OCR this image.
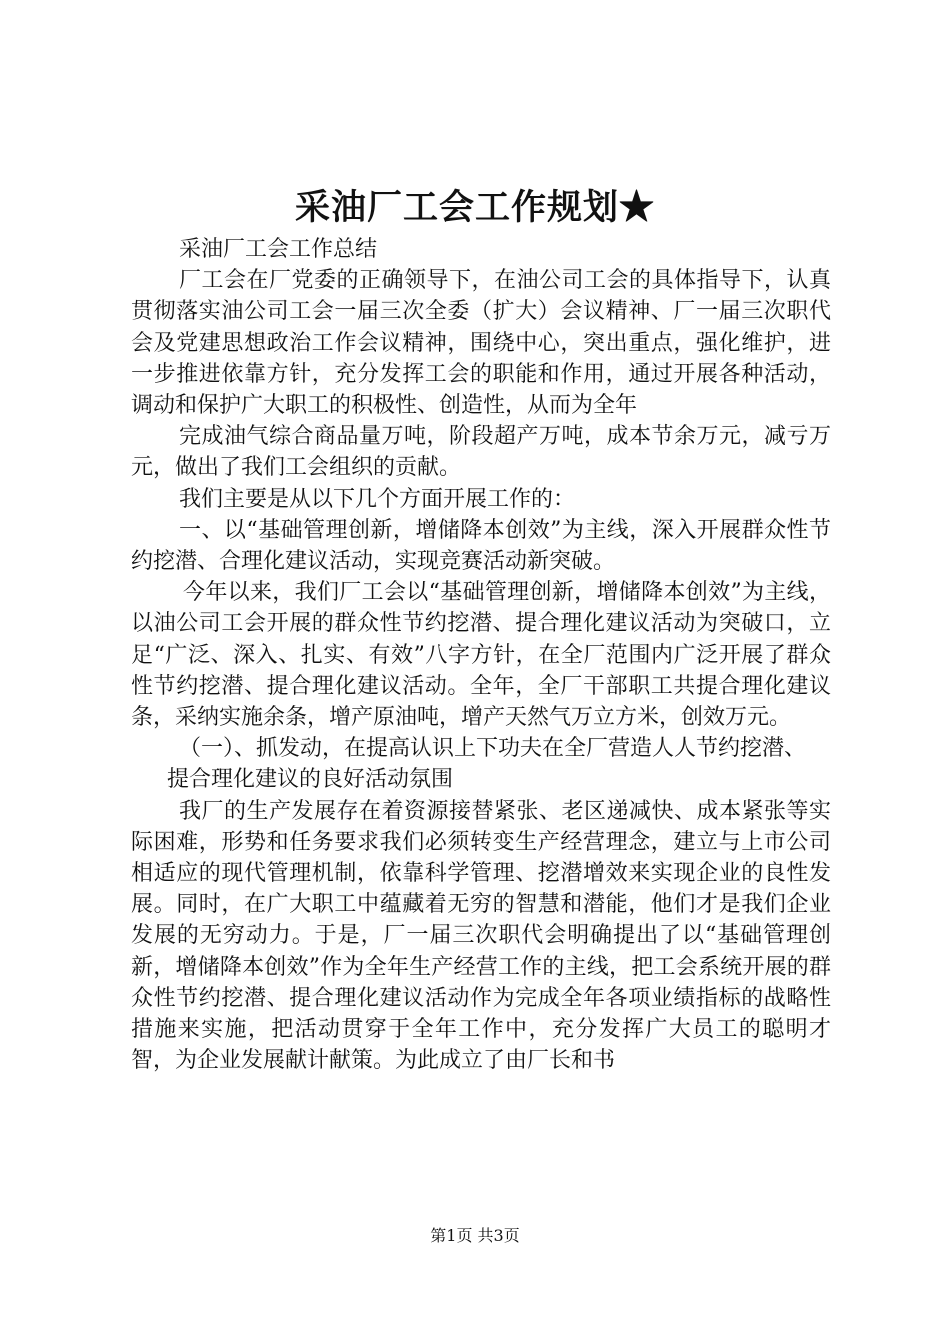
采油厂工会工作规划★

采油厂工会工作总结

厂工会在厂党委的正确领导下，在油公司工会的具体指导下，认真贯彻落实油公司工会一届三次全委（扩大）会议精神、厂一届三次职代会及党建思想政治工作会议精神，围绕中心，突出重点，强化维护，进一步推进依靠方针，充分发挥工会的职能和作用，通过开展各种活动，调动和保护广大职工的积极性、创造性，从而为全年

完成油气综合商品量万吨，阶段超产万吨，成本节余万元，减亏万元，做出了我们工会组织的贡献。

我们主要是从以下几个方面开展工作的：

一、以“基础管理创新，增储降本创效”为主线，深入开展群众性节约挖潜、合理化建议活动，实现竞赛活动新突破。

今年以来，我们厂工会以“基础管理创新，增储降本创效”为主线，以油公司工会开展的群众性节约挖潜、提合理化建议活动为突破口，立足“广泛、深入、扎实、有效”八字方针，在全厂范围内广泛开展了群众性节约挖潜、提合理化建议活动。全年，全厂干部职工共提合理化建议条，采纳实施余条，增产原油吨，增产天然气万立方米，创效万元。

（一）、抓发动，在提高认识上下功夫在全厂营造人人节约挖潜、

提合理化建议的良好活动氛围

我厂的生产发展存在着资源接替紧张、老区递减快、成本紧张等实际困难，形势和任务要求我们必须转变生产经营理念，建立与上市公司相适应的现代管理机制，依靠科学管理、挖潜增效来实现企业的良性发展。同时，在广大职工中蕴藏着无穷的智慧和潜能，他们才是我们企业发展的无穷动力。于是，厂一届三次职代会明确提出了以“基础管理创新，增储降本创效”作为全年生产经营工作的主线，把工会系统开展的群众性节约挖潜、提合理化建议活动作为完成全年各项业绩指标的战略性措施来实施，把活动贯穿于全年工作中，充分发挥广大员工的聪明才智，为企业发展献计献策。为此成立了由厂长和书

第1页 共3页
